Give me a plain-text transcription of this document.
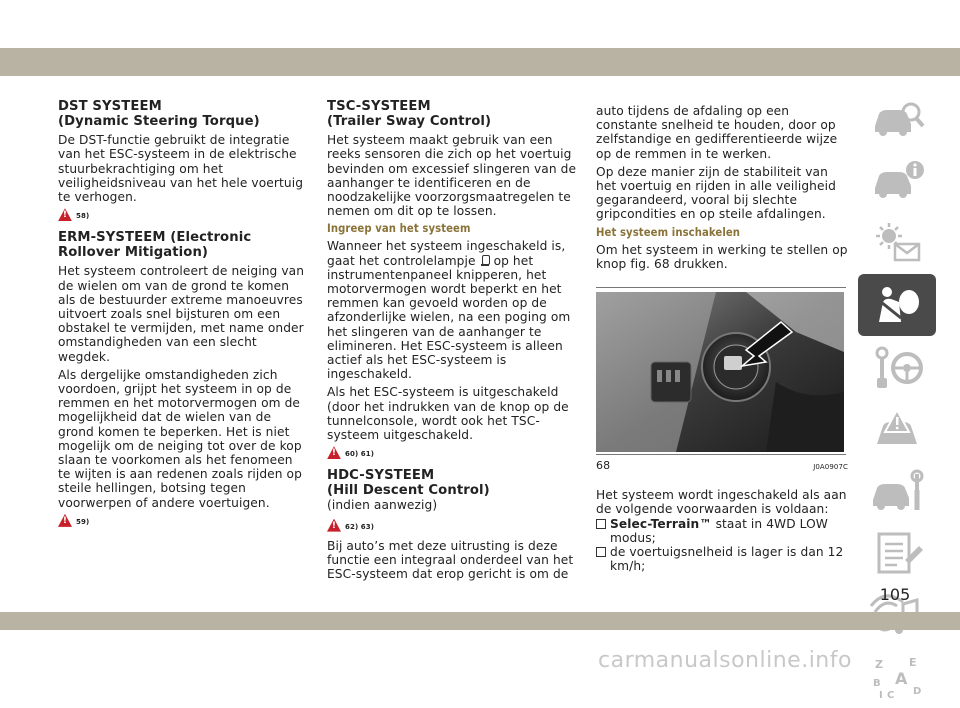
DST SYSTEEM
(Dynamic Steering Torque)

De DST-functie gebruikt de integratie van het ESC-systeem in de elektrische stuurbekrachtiging om het veiligheidsniveau van het hele voertuig te verhogen.

!
58)
ERM-SYSTEEM (Electronic
Rollover Mitigation)

Het systeem controleert de neiging van de wielen om van de grond te komen als de bestuurder extreme manoeuvres uitvoert zoals snel bijsturen om een obstakel te vermijden, met name onder omstandigheden van een slecht wegdek.

Als dergelijke omstandigheden zich voordoen, grijpt het systeem in op de remmen en het motorvermogen om de mogelijkheid dat de wielen van de grond komen te beperken. Het is niet mogelijk om de neiging tot over de kop slaan te voorkomen als het fenomeen te wijten is aan redenen zoals rijden op steile hellingen, botsing tegen voorwerpen of andere voertuigen.

!
59)
TSC-SYSTEEM
(Trailer Sway Control)

Het systeem maakt gebruik van een reeks sensoren die zich op het voertuig bevinden om excessief slingeren van de aanhanger te identificeren en de noodzakelijke voorzorgsmaatregelen te nemen om dit op te lossen.

Ingreep van het systeem

Wanneer het systeem ingeschakeld is, gaat het controlelampje op het instrumentenpaneel knipperen, het motorvermogen wordt beperkt en het remmen kan gevoeld worden op de afzonderlijke wielen, na een poging om het slingeren van de aanhanger te elimineren. Het ESC-systeem is alleen actief als het ESC-systeem is ingeschakeld.

Als het ESC-systeem is uitgeschakeld (door het indrukken van de knop op de tunnelconsole, wordt ook het TSC-systeem uitgeschakeld.

!
60) 61)
HDC-SYSTEEM
(Hill Descent Control)

(indien aanwezig)

!
62) 63)

Bij auto’s met deze uitrusting is deze functie een integraal onderdeel van het ESC-systeem dat erop gericht is om de

auto tijdens de afdaling op een constante snelheid te houden, door op zelfstandige en gedifferentieerde wijze op de remmen in te werken.

Op deze manier zijn de stabiliteit van het voertuig en rijden in alle veiligheid gegarandeerd, vooral bij slechte gripcondities en op steile afdalingen.

Het systeem inschakelen

Om het systeem in werking te stellen op knop fig. 68 drukken.

68	J0A0907C

Het systeem wordt ingeschakeld als aan de volgende voorwaarden is voldaan:

Selec-Terrain™ staat in 4WD LOW modus;
de voertuigsnelheid is lager is dan 12 km/h;
Z E
A
B
I C D
105
carmanualsonline.info
